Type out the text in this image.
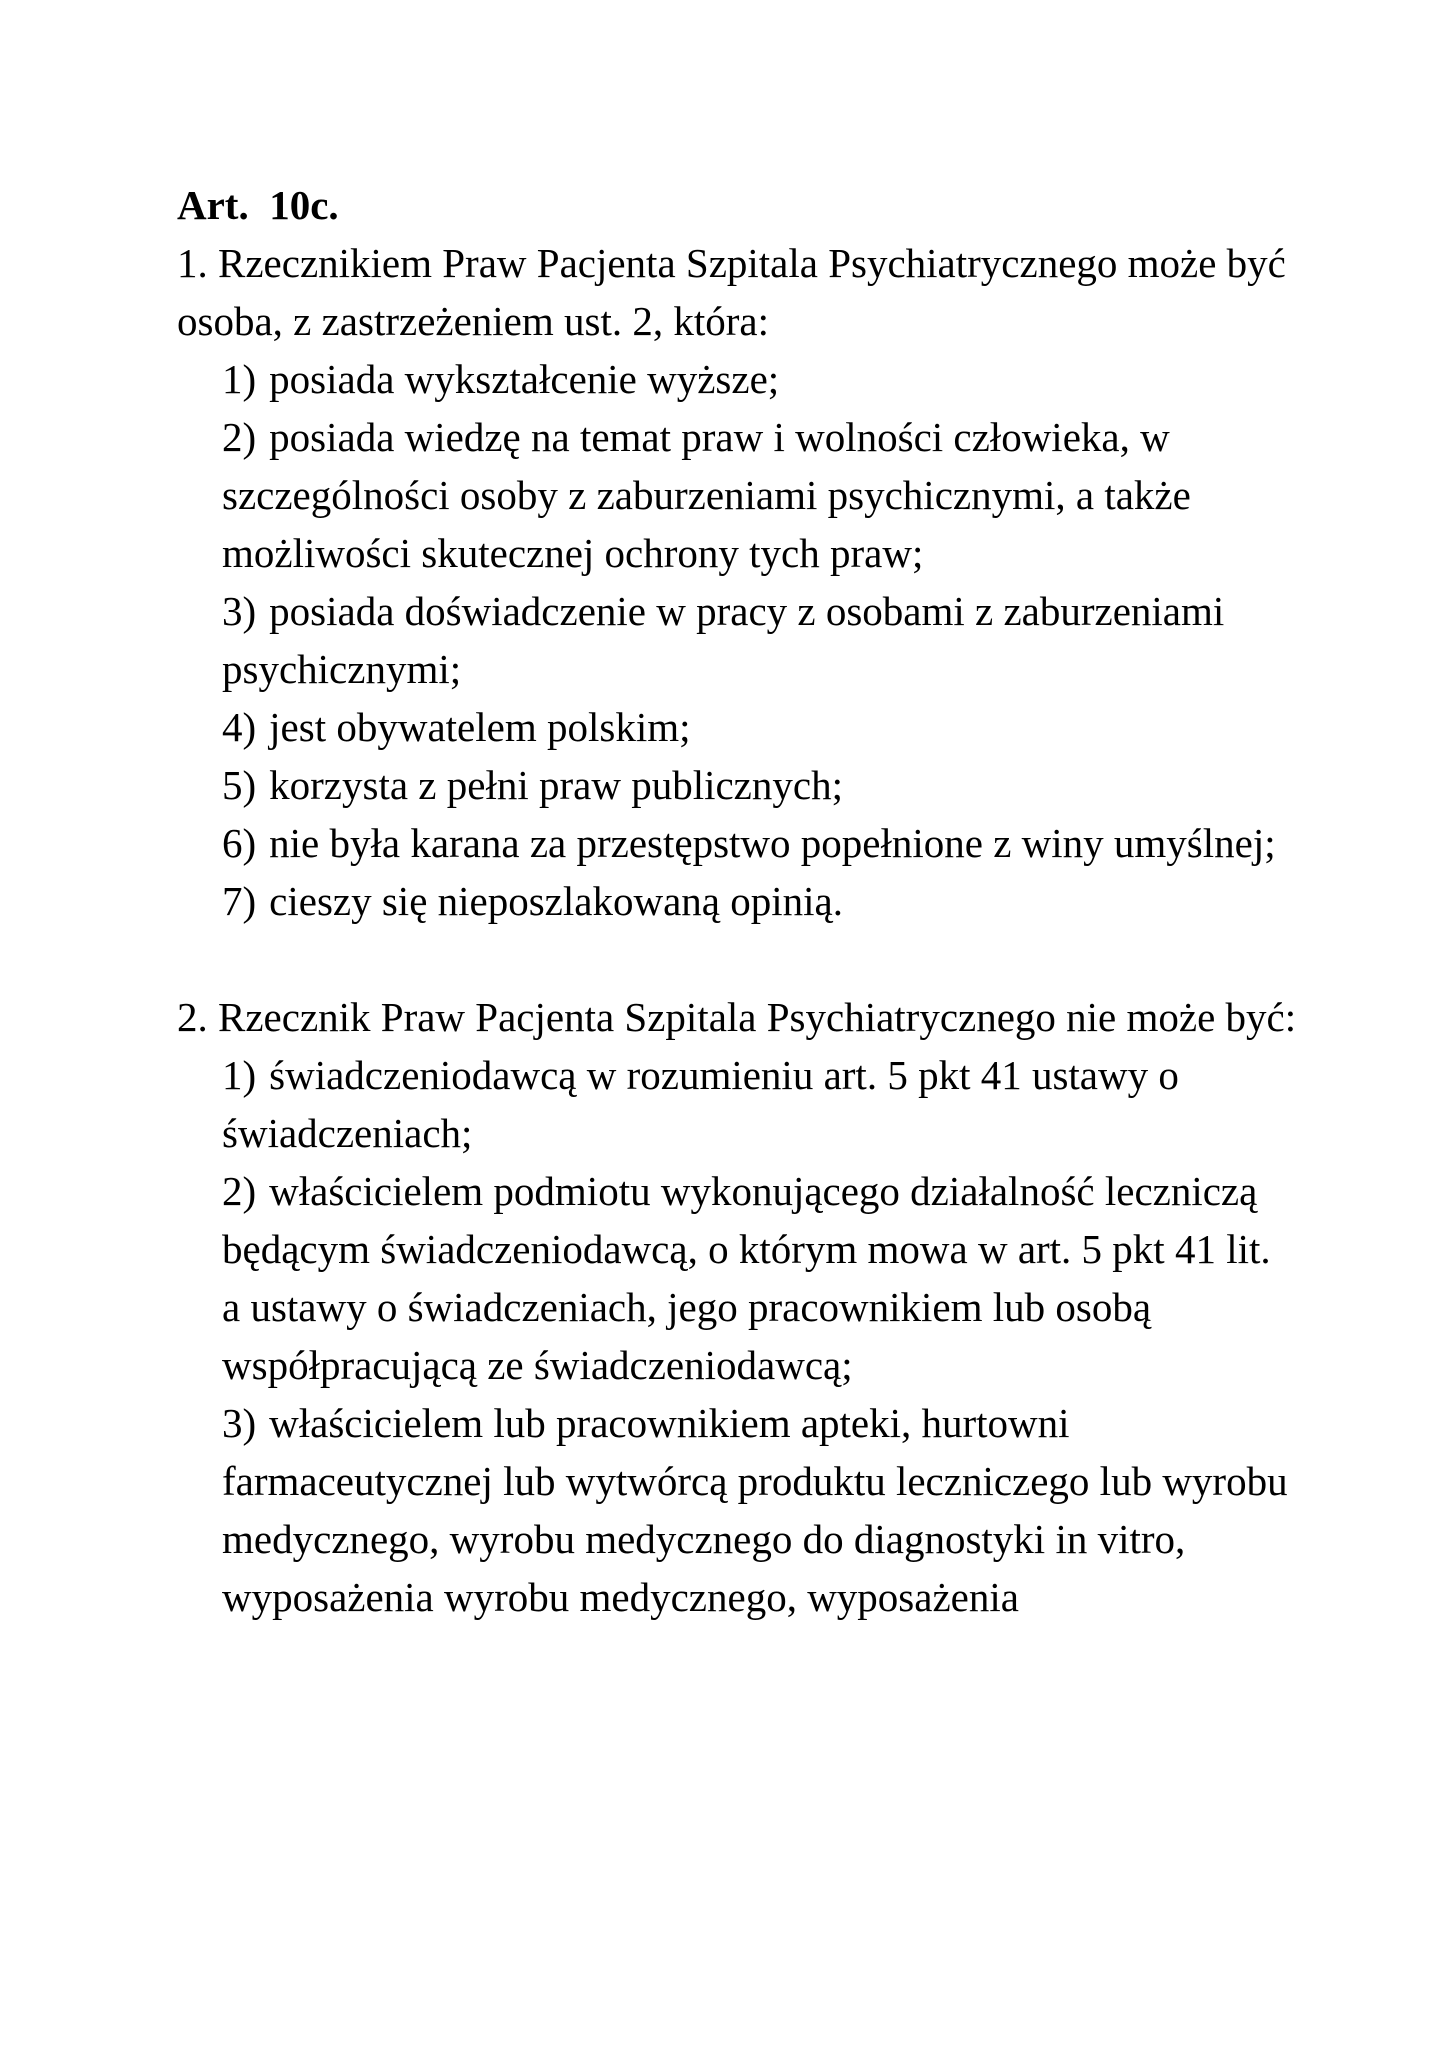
Art.  10c.

1. Rzecznikiem Praw Pacjenta Szpitala Psychiatrycznego może być osoba, z zastrzeżeniem ust. 2, która:

1) posiada wykształcenie wyższe;
2) posiada wiedzę na temat praw i wolności człowieka, w szczególności osoby z zaburzeniami psychicznymi, a także możliwości skutecznej ochrony tych praw;
3) posiada doświadczenie w pracy z osobami z zaburzeniami psychicznymi;
4) jest obywatelem polskim;
5) korzysta z pełni praw publicznych;
6) nie była karana za przestępstwo popełnione z winy umyślnej;
7) cieszy się nieposzlakowaną opinią.

2. Rzecznik Praw Pacjenta Szpitala Psychiatrycznego nie może być:

1) świadczeniodawcą w rozumieniu art. 5 pkt 41 ustawy o świadczeniach;
2) właścicielem podmiotu wykonującego działalność leczniczą będącym świadczeniodawcą, o którym mowa w art. 5 pkt 41 lit. a ustawy o świadczeniach, jego pracownikiem lub osobą współpracującą ze świadczeniodawcą;
3) właścicielem lub pracownikiem apteki, hurtowni farmaceutycznej lub wytwórcą produktu leczniczego lub wyrobu medycznego, wyrobu medycznego do diagnostyki in vitro, wyposażenia wyrobu medycznego, wyposażenia
